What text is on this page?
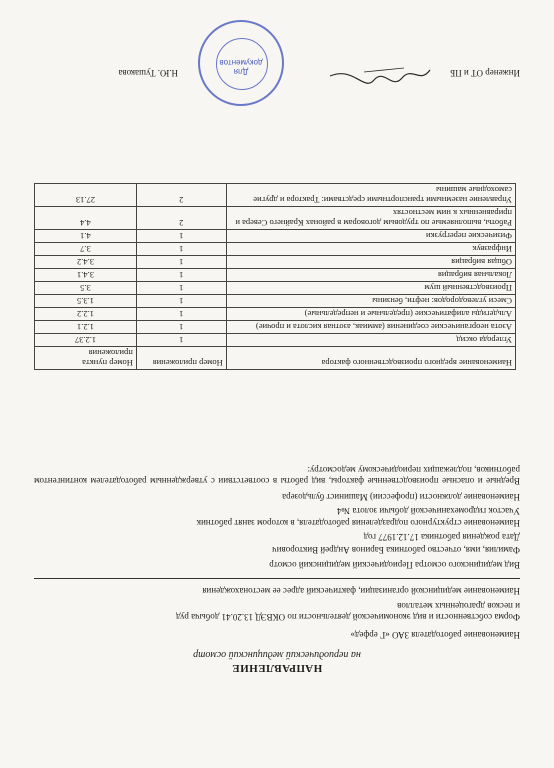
НАПРАВЛЕНИЕ
на периодический медицинский осмотр
Наименование работодателя ЗАО «Г ерфед»
Форма собственности и вид экономической деятельности по ОКВЭД 13.20.41 добыча руд
и песков драгоценных металлов
Наименование медицинской организации, фактический адрес ее местонахождения
Вид медицинского осмотра Периодический медицинский осмотр
Фамилия, имя, отчество работника Баринов Андрей Викторович
Дата рождения работника 17.12.1977 год
Наименование структурного подразделения работодателя, в котором занят работник
Участок гидромеханической добычи золота №4
Наименование должности (профессии) Машинист бульдозера
Вредные и опасные производственные факторы, вид работы в соответствии с утвержденным работодателем контингентом работников, подлежащих периодическому медосмотру:
Наименование вредного производственного фактора	Номер приложения	Номер пункта приложения
Углерода оксид	1	1.2.37
Азота неорганические соединения (аммиак, азотная кислота и прочие)	1	1.2.1
Альдегиды алифатические (предельные и непредельные)	1	1.2.2
Смеси углеводородов: нефти, бензины	1	1.3.5
Производственный шум	1	3.5
Локальная вибрация	1	3.4.1
Общая вибрация	1	3.4.2
Инфразвук	1	3.7
Физические перегрузки	1	4.1
Работы, выполняемые по трудовым договорам в районах Крайнего Севера и приравненных к ним местностях	2	4.4
Управление наземными транспортными средствами: Трактора и другие самоходные машины	2	27.13
Инженер ОТ и ПБ
Н.Ю. Тушакова	Для
документов
